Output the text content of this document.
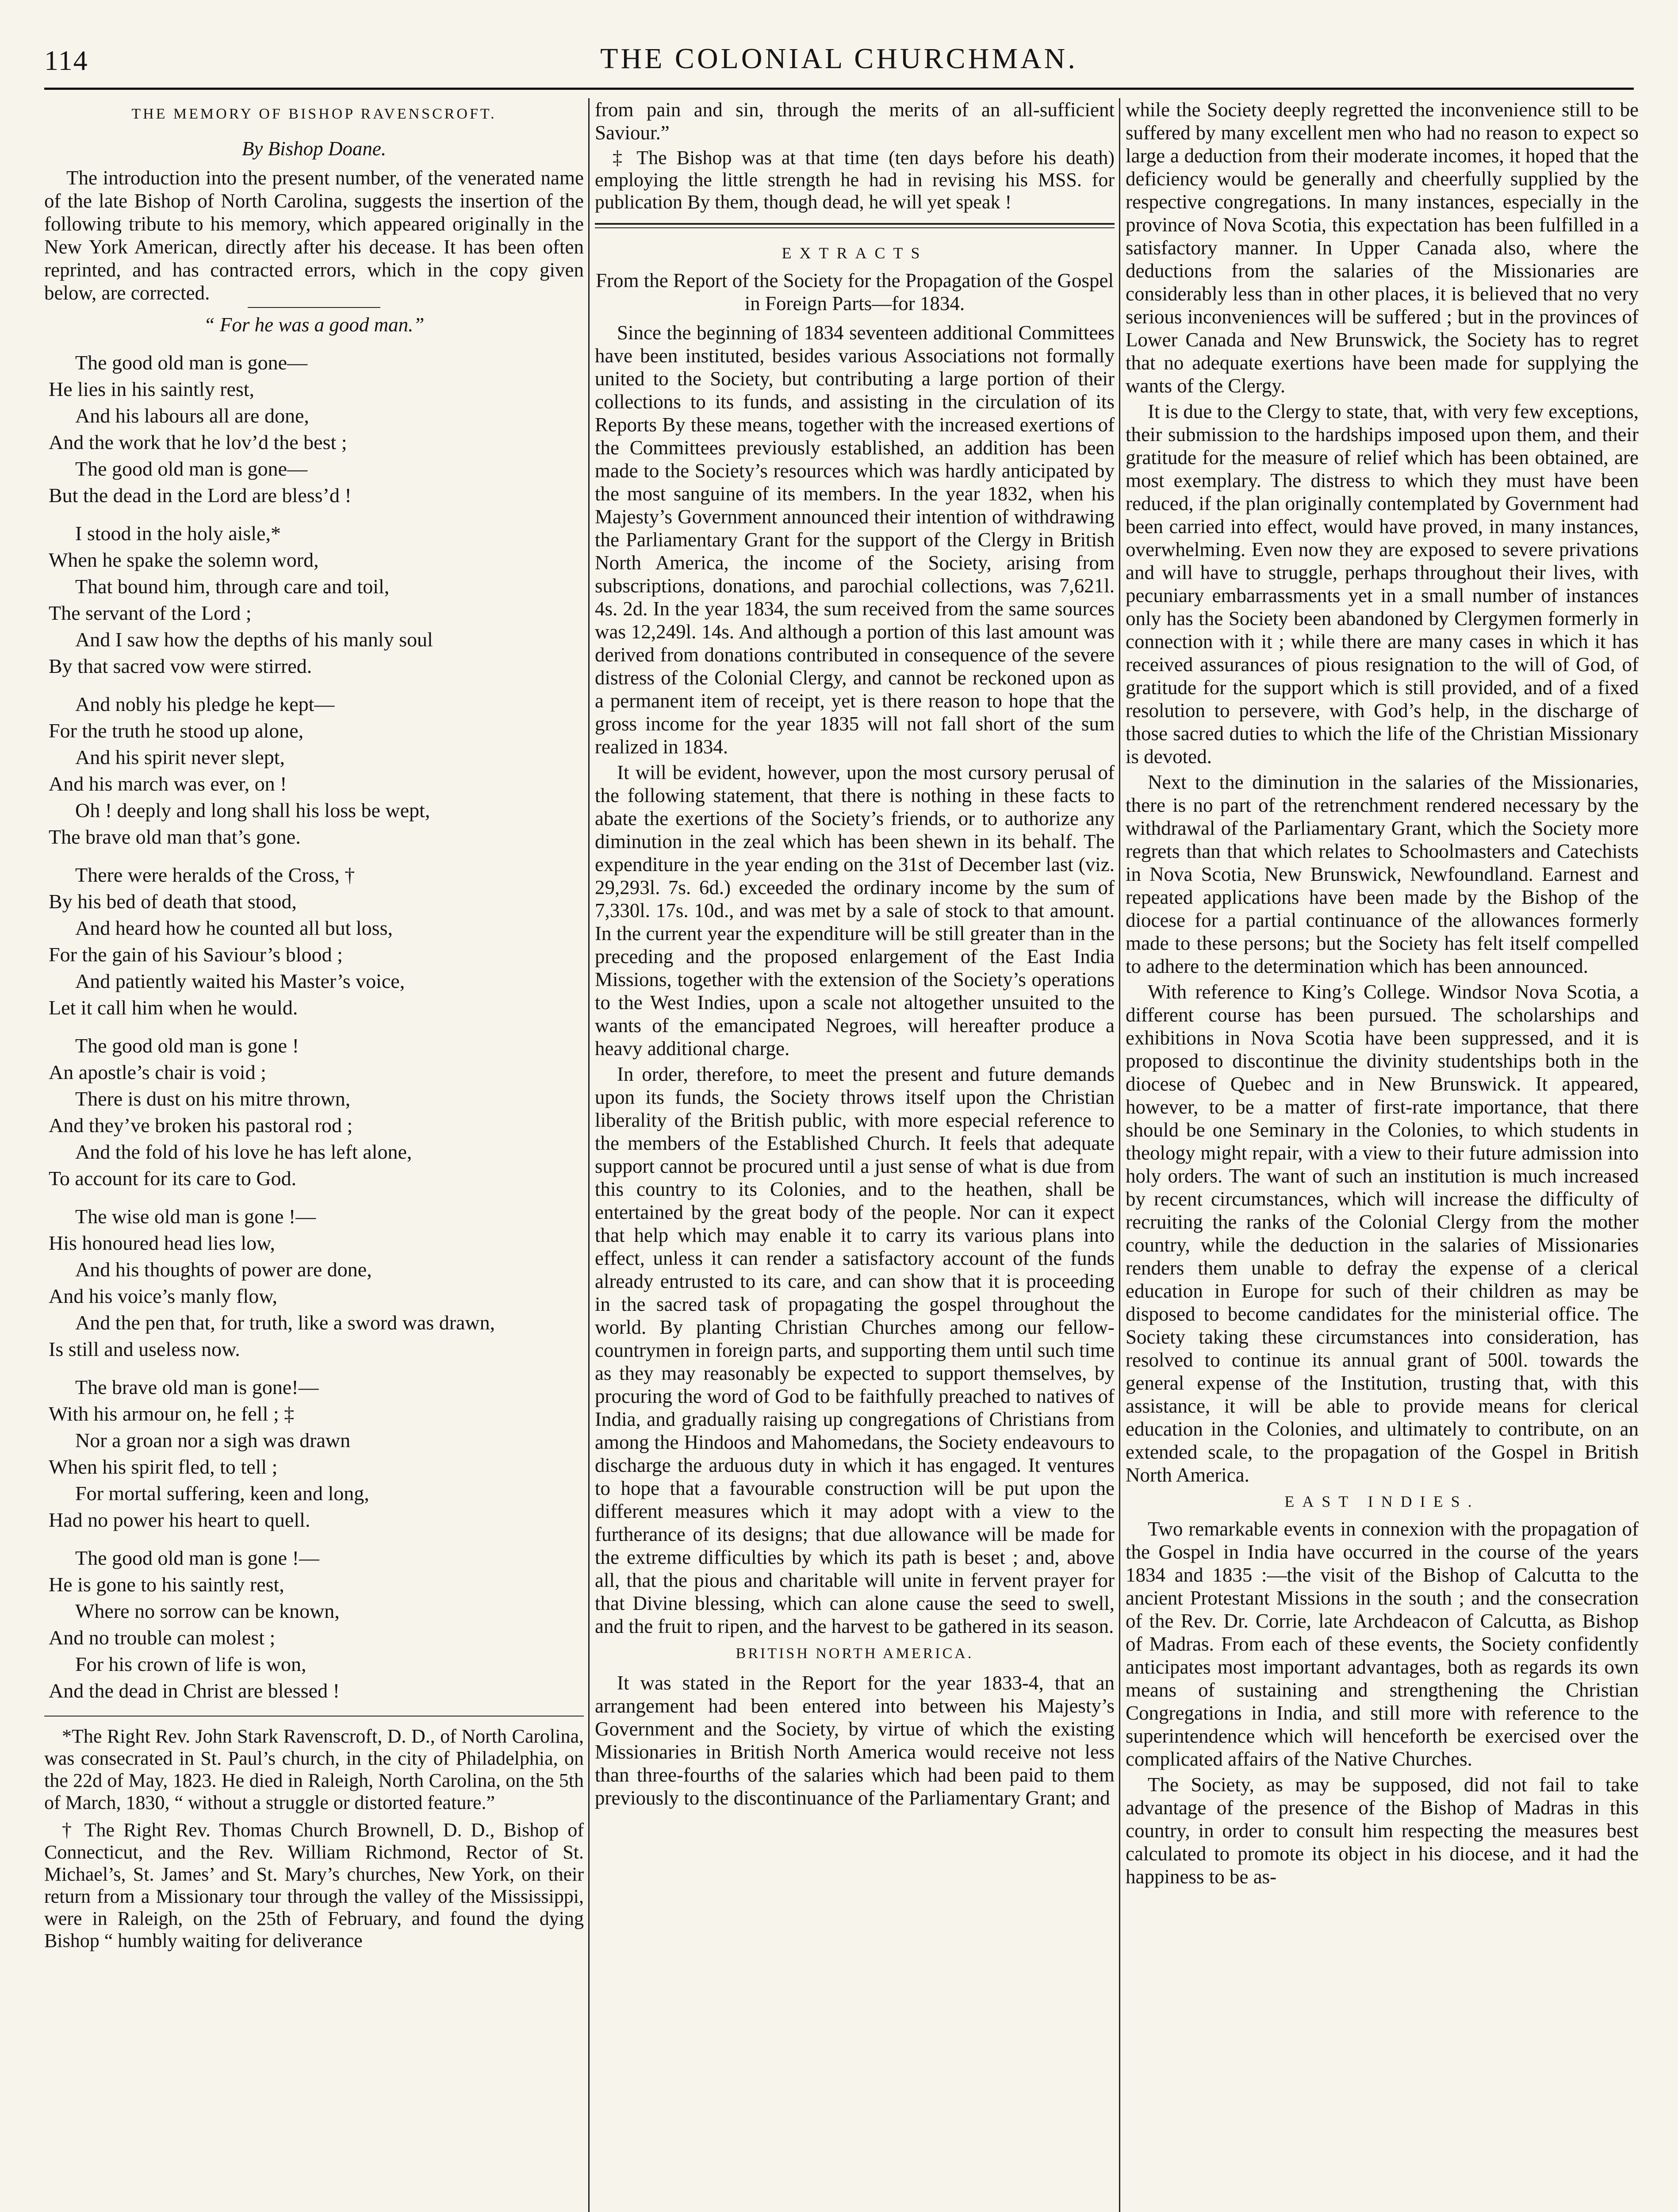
114	THE COLONIAL CHURCHMAN.
THE MEMORY OF BISHOP RAVENSCROFT.
By Bishop Doane.

The introduction into the present number, of the venerated name of the late Bishop of North Carolina, suggests the insertion of the following tribute to his memory, which appeared originally in the New York American, directly after his decease. It has been often reprinted, and has contracted errors, which in the copy given below, are corrected.

“ For he was a good man.”
The good old man is gone—
He lies in his saintly rest,
And his labours all are done,
And the work that he lov’d the best ;
The good old man is gone—
But the dead in the Lord are bless’d !
I stood in the holy aisle,*
When he spake the solemn word,
That bound him, through care and toil,
The servant of the Lord ;
And I saw how the depths of his manly soul
By that sacred vow were stirred.
And nobly his pledge he kept—
For the truth he stood up alone,
And his spirit never slept,
And his march was ever, on !
Oh ! deeply and long shall his loss be wept,
The brave old man that’s gone.
There were heralds of the Cross, †
By his bed of death that stood,
And heard how he counted all but loss,
For the gain of his Saviour’s blood ;
And patiently waited his Master’s voice,
Let it call him when he would.
The good old man is gone !
An apostle’s chair is void ;
There is dust on his mitre thrown,
And they’ve broken his pastoral rod ;
And the fold of his love he has left alone,
To account for its care to God.
The wise old man is gone !—
His honoured head lies low,
And his thoughts of power are done,
And his voice’s manly flow,
And the pen that, for truth, like a sword was drawn,
Is still and useless now.
The brave old man is gone!—
With his armour on, he fell ; ‡
Nor a groan nor a sigh was drawn
When his spirit fled, to tell ;
For mortal suffering, keen and long,
Had no power his heart to quell.
The good old man is gone !—
He is gone to his saintly rest,
Where no sorrow can be known,
And no trouble can molest ;
For his crown of life is won,
And the dead in Christ are blessed !

*The Right Rev. John Stark Ravenscroft, D. D., of North Carolina, was consecrated in St. Paul’s church, in the city of Philadelphia, on the 22d of May, 1823. He died in Raleigh, North Carolina, on the 5th of March, 1830, “ without a struggle or distorted feature.”

† The Right Rev. Thomas Church Brownell, D. D., Bishop of Connecticut, and the Rev. William Richmond, Rector of St. Michael’s, St. James’ and St. Mary’s churches, New York, on their return from a Missionary tour through the valley of the Mississippi, were in Raleigh, on the 25th of February, and found the dying Bishop “ humbly waiting for deliverance

from pain and sin, through the merits of an all-sufficient Saviour.”

‡ The Bishop was at that time (ten days before his death) employing the little strength he had in revising his MSS. for publication By them, though dead, he will yet speak !

EXTRACTS
From the Report of the Society for the Propagation of the Gospel in Foreign Parts—for 1834.

Since the beginning of 1834 seventeen additional Committees have been instituted, besides various Associations not formally united to the Society, but contributing a large portion of their collections to its funds, and assisting in the circulation of its Reports By these means, together with the increased exertions of the Committees previously established, an addition has been made to the Society’s resources which was hardly anticipated by the most sanguine of its members. In the year 1832, when his Majesty’s Government announced their intention of withdrawing the Parliamentary Grant for the support of the Clergy in British North America, the income of the Society, arising from subscriptions, donations, and parochial collections, was 7,621l. 4s. 2d. In the year 1834, the sum received from the same sources was 12,249l. 14s. And although a portion of this last amount was derived from donations contributed in consequence of the severe distress of the Colonial Clergy, and cannot be reckoned upon as a permanent item of receipt, yet is there reason to hope that the gross income for the year 1835 will not fall short of the sum realized in 1834.

It will be evident, however, upon the most cursory perusal of the following statement, that there is nothing in these facts to abate the exertions of the Society’s friends, or to authorize any diminution in the zeal which has been shewn in its behalf. The expenditure in the year ending on the 31st of December last (viz. 29,293l. 7s. 6d.) exceeded the ordinary income by the sum of 7,330l. 17s. 10d., and was met by a sale of stock to that amount. In the current year the expenditure will be still greater than in the preceding and the proposed enlargement of the East India Missions, together with the extension of the Society’s operations to the West Indies, upon a scale not altogether unsuited to the wants of the emancipated Negroes, will hereafter produce a heavy additional charge.

In order, therefore, to meet the present and future demands upon its funds, the Society throws itself upon the Christian liberality of the British public, with more especial reference to the members of the Established Church. It feels that adequate support cannot be procured until a just sense of what is due from this country to its Colonies, and to the heathen, shall be entertained by the great body of the people. Nor can it expect that help which may enable it to carry its various plans into effect, unless it can render a satisfactory account of the funds already entrusted to its care, and can show that it is proceeding in the sacred task of propagating the gospel throughout the world. By planting Christian Churches among our fellow-countrymen in foreign parts, and supporting them until such time as they may reasonably be expected to support themselves, by procuring the word of God to be faithfully preached to natives of India, and gradually raising up congregations of Christians from among the Hindoos and Mahomedans, the Society endeavours to discharge the arduous duty in which it has engaged. It ventures to hope that a favourable construction will be put upon the different measures which it may adopt with a view to the furtherance of its designs; that due allowance will be made for the extreme difficulties by which its path is beset ; and, above all, that the pious and charitable will unite in fervent prayer for that Divine blessing, which can alone cause the seed to swell, and the fruit to ripen, and the harvest to be gathered in its season.

BRITISH NORTH AMERICA.

It was stated in the Report for the year 1833-4, that an arrangement had been entered into between his Majesty’s Government and the Society, by virtue of which the existing Missionaries in British North America would receive not less than three-fourths of the salaries which had been paid to them previously to the discontinuance of the Parliamentary Grant; and

while the Society deeply regretted the inconvenience still to be suffered by many excellent men who had no reason to expect so large a deduction from their moderate incomes, it hoped that the deficiency would be generally and cheerfully supplied by the respective congregations. In many instances, especially in the province of Nova Scotia, this expectation has been fulfilled in a satisfactory manner. In Upper Canada also, where the deductions from the salaries of the Missionaries are considerably less than in other places, it is believed that no very serious inconveniences will be suffered ; but in the provinces of Lower Canada and New Brunswick, the Society has to regret that no adequate exertions have been made for supplying the wants of the Clergy.

It is due to the Clergy to state, that, with very few exceptions, their submission to the hardships imposed upon them, and their gratitude for the measure of relief which has been obtained, are most exemplary. The distress to which they must have been reduced, if the plan originally contemplated by Government had been carried into effect, would have proved, in many instances, overwhelming. Even now they are exposed to severe privations and will have to struggle, perhaps throughout their lives, with pecuniary embarrassments yet in a small number of instances only has the Society been abandoned by Clergymen formerly in connection with it ; while there are many cases in which it has received assurances of pious resignation to the will of God, of gratitude for the support which is still provided, and of a fixed resolution to persevere, with God’s help, in the discharge of those sacred duties to which the life of the Christian Missionary is devoted.

Next to the diminution in the salaries of the Missionaries, there is no part of the retrenchment rendered necessary by the withdrawal of the Parliamentary Grant, which the Society more regrets than that which relates to Schoolmasters and Catechists in Nova Scotia, New Brunswick, Newfoundland. Earnest and repeated applications have been made by the Bishop of the diocese for a partial continuance of the allowances formerly made to these persons; but the Society has felt itself compelled to adhere to the determination which has been announced.

With reference to King’s College. Windsor Nova Scotia, a different course has been pursued. The scholarships and exhibitions in Nova Scotia have been suppressed, and it is proposed to discontinue the divinity studentships both in the diocese of Quebec and in New Brunswick. It appeared, however, to be a matter of first-rate importance, that there should be one Seminary in the Colonies, to which students in theology might repair, with a view to their future admission into holy orders. The want of such an institution is much increased by recent circumstances, which will increase the difficulty of recruiting the ranks of the Colonial Clergy from the mother country, while the deduction in the salaries of Missionaries renders them unable to defray the expense of a clerical education in Europe for such of their children as may be disposed to become candidates for the ministerial office. The Society taking these circumstances into consideration, has resolved to continue its annual grant of 500l. towards the general expense of the Institution, trusting that, with this assistance, it will be able to provide means for clerical education in the Colonies, and ultimately to contribute, on an extended scale, to the propagation of the Gospel in British North America.

EAST INDIES.

Two remarkable events in connexion with the propagation of the Gospel in India have occurred in the course of the years 1834 and 1835 :—the visit of the Bishop of Calcutta to the ancient Protestant Missions in the south ; and the consecration of the Rev. Dr. Corrie, late Archdeacon of Calcutta, as Bishop of Madras. From each of these events, the Society confidently anticipates most important advantages, both as regards its own means of sustaining and strengthening the Christian Congregations in India, and still more with reference to the superintendence which will henceforth be exercised over the complicated affairs of the Native Churches.

The Society, as may be supposed, did not fail to take advantage of the presence of the Bishop of Madras in this country, in order to consult him respecting the measures best calculated to promote its object in his diocese, and it had the happiness to be as-
